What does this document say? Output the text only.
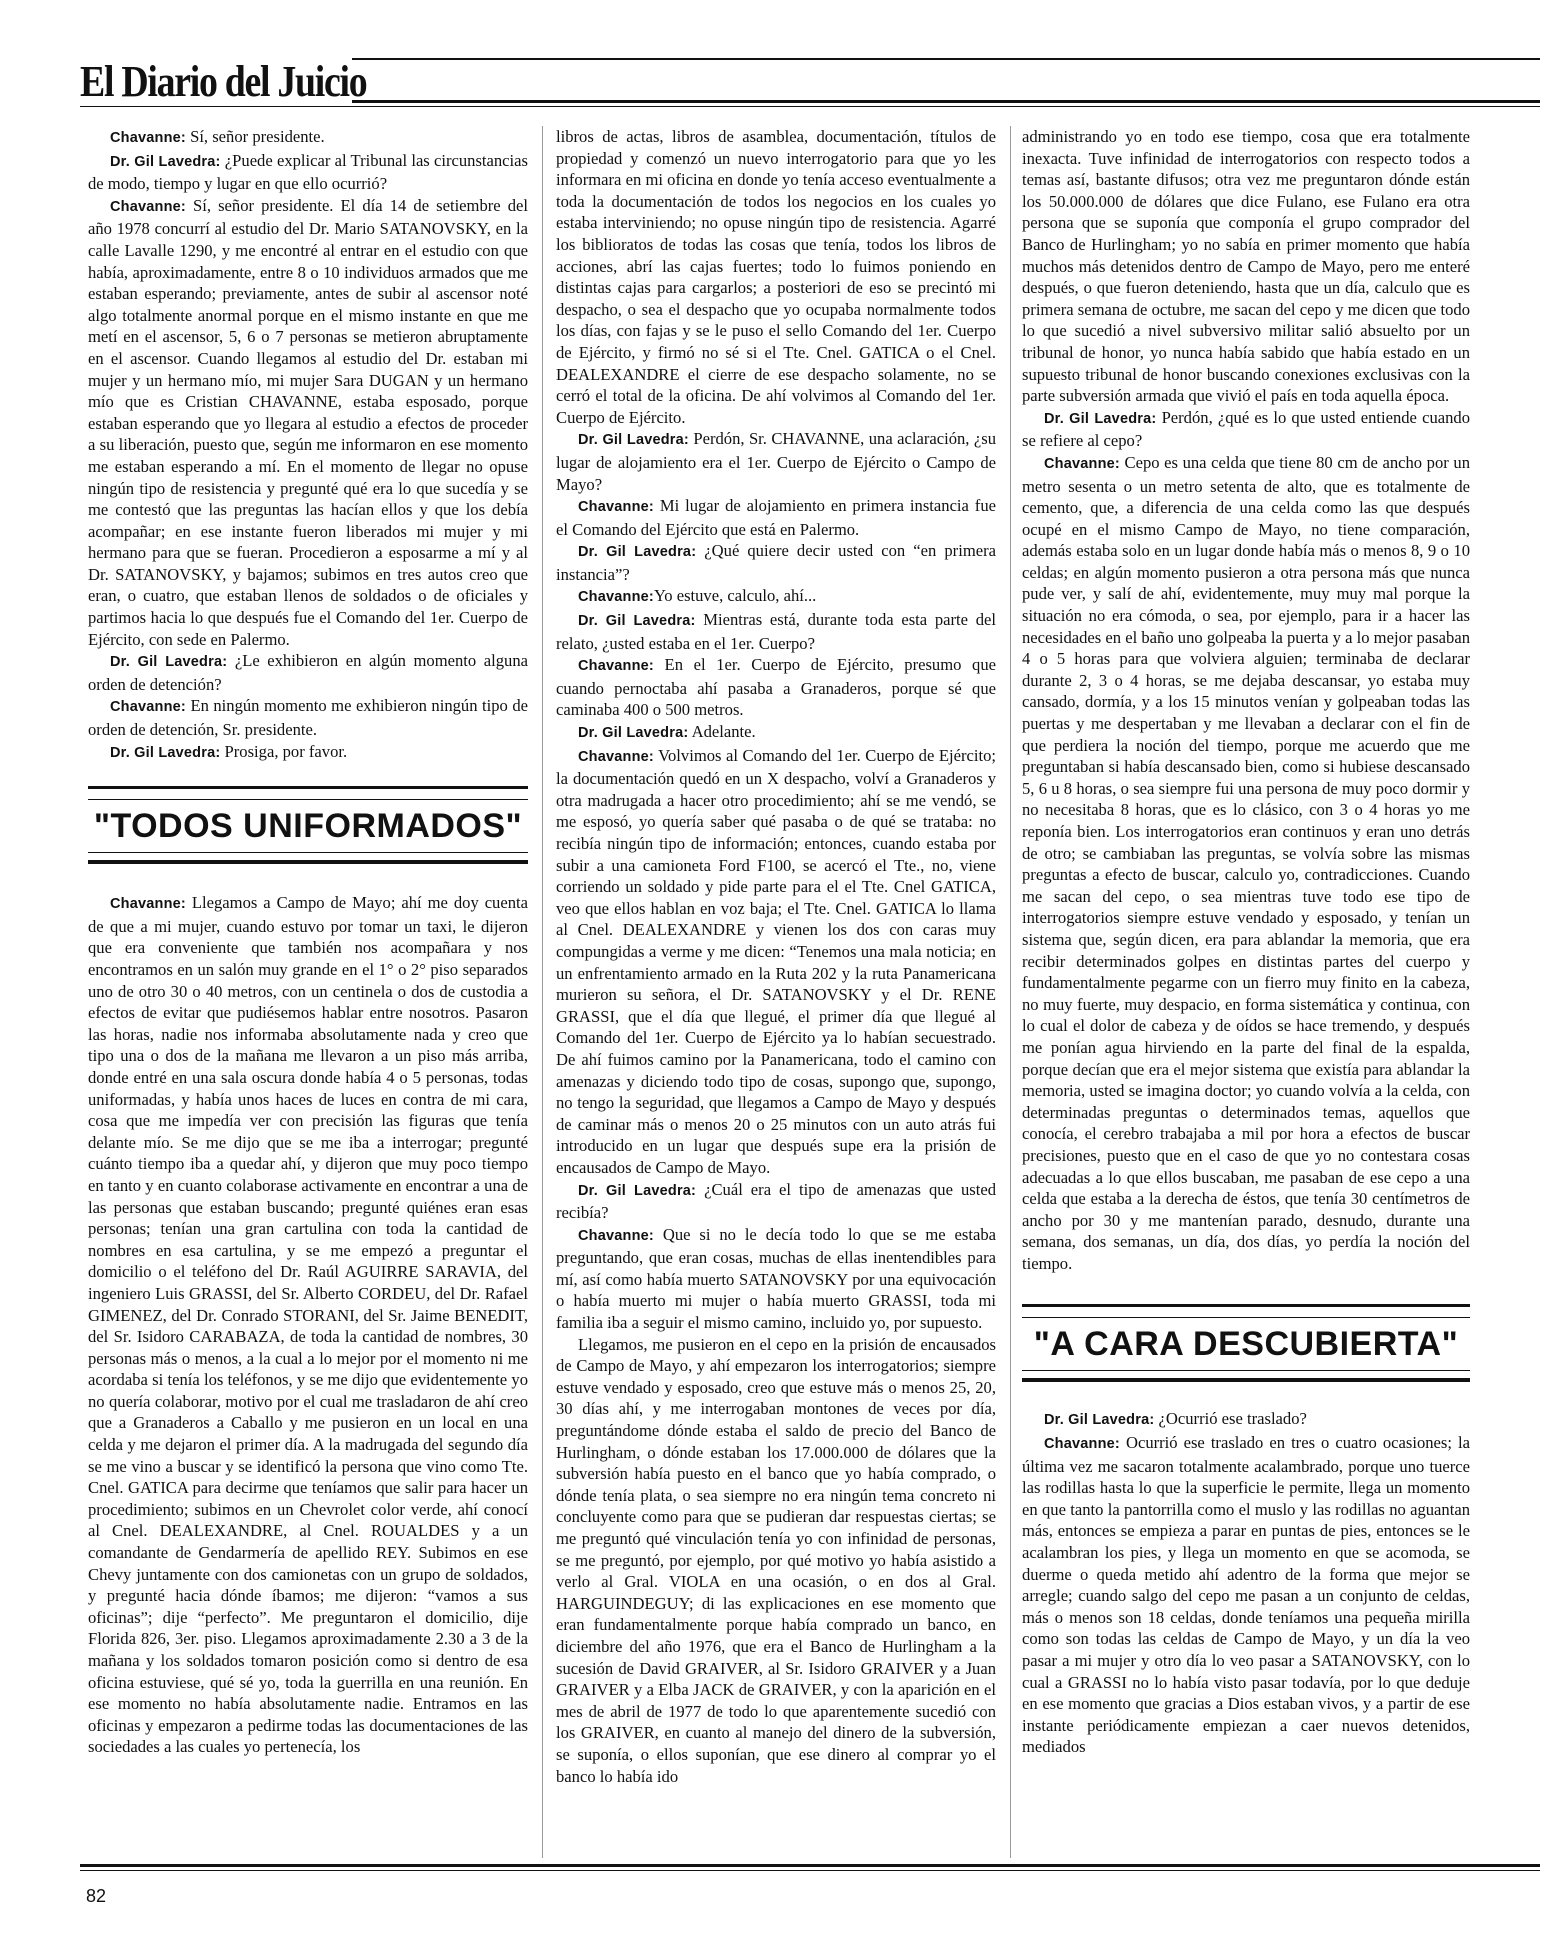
El Diario del Juicio

Chavanne: Sí, señor presidente.

Dr. Gil Lavedra: ¿Puede explicar al Tribunal las circunstancias de modo, tiempo y lugar en que ello ocurrió?

Chavanne: Sí, señor presidente. El día 14 de setiembre del año 1978 concurrí al estudio del Dr. Mario SATANOVSKY, en la calle Lavalle 1290, y me encontré al entrar en el estudio con que había, aproximadamente, entre 8 o 10 individuos armados que me estaban esperando; previamente, antes de subir al ascensor noté algo totalmente anormal porque en el mismo instante en que me metí en el ascensor, 5, 6 o 7 personas se metieron abruptamente en el ascensor. Cuando llegamos al estudio del Dr. estaban mi mujer y un hermano mío, mi mujer Sara DUGAN y un hermano mío que es Cristian CHAVANNE, estaba esposado, porque estaban esperando que yo llegara al estudio a efectos de proceder a su liberación, puesto que, según me informaron en ese momento me estaban esperando a mí. En el momento de llegar no opuse ningún tipo de resistencia y pregunté qué era lo que sucedía y se me contestó que las preguntas las hacían ellos y que los debía acompañar; en ese instante fueron liberados mi mujer y mi hermano para que se fueran. Procedieron a esposarme a mí y al Dr. SATANOVSKY, y bajamos; subimos en tres autos creo que eran, o cuatro, que estaban llenos de soldados o de oficiales y partimos hacia lo que después fue el Comando del 1er. Cuerpo de Ejército, con sede en Palermo.

Dr. Gil Lavedra: ¿Le exhibieron en algún momento alguna orden de detención?

Chavanne: En ningún momento me exhibieron ningún tipo de orden de detención, Sr. presidente.

Dr. Gil Lavedra: Prosiga, por favor.

"TODOS UNIFORMADOS"

Chavanne: Llegamos a Campo de Mayo; ahí me doy cuenta de que a mi mujer, cuando estuvo por tomar un taxi, le dijeron que era conveniente que también nos acompañara y nos encontramos en un salón muy grande en el 1° o 2° piso separados uno de otro 30 o 40 metros, con un centinela o dos de custodia a efectos de evitar que pudiésemos hablar entre nosotros. Pasaron las horas, nadie nos informaba absolutamente nada y creo que tipo una o dos de la mañana me llevaron a un piso más arriba, donde entré en una sala oscura donde había 4 o 5 personas, todas uniformadas, y había unos haces de luces en contra de mi cara, cosa que me impedía ver con precisión las figuras que tenía delante mío. Se me dijo que se me iba a interrogar; pregunté cuánto tiempo iba a quedar ahí, y dijeron que muy poco tiempo en tanto y en cuanto colaborase activamente en encontrar a una de las personas que estaban buscando; pregunté quiénes eran esas personas; tenían una gran cartulina con toda la cantidad de nombres en esa cartulina, y se me empezó a preguntar el domicilio o el teléfono del Dr. Raúl AGUIRRE SARAVIA, del ingeniero Luis GRASSI, del Sr. Alberto CORDEU, del Dr. Rafael GIMENEZ, del Dr. Conrado STORANI, del Sr. Jaime BENEDIT, del Sr. Isidoro CARABAZA, de toda la cantidad de nombres, 30 personas más o menos, a la cual a lo mejor por el momento ni me acordaba si tenía los teléfonos, y se me dijo que evidentemente yo no quería colaborar, motivo por el cual me trasladaron de ahí creo que a Granaderos a Caballo y me pusieron en un local en una celda y me dejaron el primer día. A la madrugada del segundo día se me vino a buscar y se identificó la persona que vino como Tte. Cnel. GATICA para decirme que teníamos que salir para hacer un procedimiento; subimos en un Chevrolet color verde, ahí conocí al Cnel. DEALEXANDRE, al Cnel. ROUALDES y a un comandante de Gendarmería de apellido REY. Subimos en ese Chevy juntamente con dos camionetas con un grupo de soldados, y pregunté hacia dónde íbamos; me dijeron: “vamos a sus oficinas”; dije “perfecto”. Me preguntaron el domicilio, dije Florida 826, 3er. piso. Llegamos aproximadamente 2.30 a 3 de la mañana y los soldados tomaron posición como si dentro de esa oficina estuviese, qué sé yo, toda la guerrilla en una reunión. En ese momento no había absolutamente nadie. Entramos en las oficinas y empezaron a pedirme todas las documentaciones de las sociedades a las cuales yo pertenecía, los

libros de actas, libros de asamblea, documentación, títulos de propiedad y comenzó un nuevo interrogatorio para que yo les informara en mi oficina en donde yo tenía acceso eventualmente a toda la documentación de todos los negocios en los cuales yo estaba interviniendo; no opuse ningún tipo de resistencia. Agarré los biblioratos de todas las cosas que tenía, todos los libros de acciones, abrí las cajas fuertes; todo lo fuimos poniendo en distintas cajas para cargarlos; a posteriori de eso se precintó mi despacho, o sea el despacho que yo ocupaba normalmente todos los días, con fajas y se le puso el sello Comando del 1er. Cuerpo de Ejército, y firmó no sé si el Tte. Cnel. GATICA o el Cnel. DEALEXANDRE el cierre de ese despacho solamente, no se cerró el total de la oficina. De ahí volvimos al Comando del 1er. Cuerpo de Ejército.

Dr. Gil Lavedra: Perdón, Sr. CHAVANNE, una aclaración, ¿su lugar de alojamiento era el 1er. Cuerpo de Ejército o Campo de Mayo?

Chavanne: Mi lugar de alojamiento en primera instancia fue el Comando del Ejército que está en Palermo.

Dr. Gil Lavedra: ¿Qué quiere decir usted con “en primera instancia”?

Chavanne:Yo estuve, calculo, ahí...

Dr. Gil Lavedra: Mientras está, durante toda esta parte del relato, ¿usted estaba en el 1er. Cuerpo?

Chavanne: En el 1er. Cuerpo de Ejército, presumo que cuando pernoctaba ahí pasaba a Granaderos, porque sé que caminaba 400 o 500 metros.

Dr. Gil Lavedra: Adelante.

Chavanne: Volvimos al Comando del 1er. Cuerpo de Ejército; la documentación quedó en un X despacho, volví a Granaderos y otra madrugada a hacer otro procedimiento; ahí se me vendó, se me esposó, yo quería saber qué pasaba o de qué se trataba: no recibía ningún tipo de información; entonces, cuando estaba por subir a una camioneta Ford F100, se acercó el Tte., no, viene corriendo un soldado y pide parte para el el Tte. Cnel GATICA, veo que ellos hablan en voz baja; el Tte. Cnel. GATICA lo llama al Cnel. DEALEXANDRE y vienen los dos con caras muy compungidas a verme y me dicen: “Tenemos una mala noticia; en un enfrentamiento armado en la Ruta 202 y la ruta Panamericana murieron su señora, el Dr. SATANOVSKY y el Dr. RENE GRASSI, que el día que llegué, el primer día que llegué al Comando del 1er. Cuerpo de Ejército ya lo habían secuestrado. De ahí fuimos camino por la Panamericana, todo el camino con amenazas y diciendo todo tipo de cosas, supongo que, supongo, no tengo la seguridad, que llegamos a Campo de Mayo y después de caminar más o menos 20 o 25 minutos con un auto atrás fui introducido en un lugar que después supe era la prisión de encausados de Campo de Mayo.

Dr. Gil Lavedra: ¿Cuál era el tipo de amenazas que usted recibía?

Chavanne: Que si no le decía todo lo que se me estaba preguntando, que eran cosas, muchas de ellas inentendibles para mí, así como había muerto SATANOVSKY por una equivocación o había muerto mi mujer o había muerto GRASSI, toda mi familia iba a seguir el mismo camino, incluido yo, por supuesto.

Llegamos, me pusieron en el cepo en la prisión de encausados de Campo de Mayo, y ahí empezaron los interrogatorios; siempre estuve vendado y esposado, creo que estuve más o menos 25, 20, 30 días ahí, y me interrogaban montones de veces por día, preguntándome dónde estaba el saldo de precio del Banco de Hurlingham, o dónde estaban los 17.000.000 de dólares que la subversión había puesto en el banco que yo había comprado, o dónde tenía plata, o sea siempre no era ningún tema concreto ni concluyente como para que se pudieran dar respuestas ciertas; se me preguntó qué vinculación tenía yo con infinidad de personas, se me preguntó, por ejemplo, por qué motivo yo había asistido a verlo al Gral. VIOLA en una ocasión, o en dos al Gral. HARGUINDEGUY; di las explicaciones en ese momento que eran fundamentalmente porque había comprado un banco, en diciembre del año 1976, que era el Banco de Hurlingham a la sucesión de David GRAIVER, al Sr. Isidoro GRAIVER y a Juan GRAIVER y a Elba JACK de GRAIVER, y con la aparición en el mes de abril de 1977 de todo lo que aparentemente sucedió con los GRAIVER, en cuanto al manejo del dinero de la subversión, se suponía, o ellos suponían, que ese dinero al comprar yo el banco lo había ido

administrando yo en todo ese tiempo, cosa que era totalmente inexacta. Tuve infinidad de interrogatorios con respecto todos a temas así, bastante difusos; otra vez me preguntaron dónde están los 50.000.000 de dólares que dice Fulano, ese Fulano era otra persona que se suponía que componía el grupo comprador del Banco de Hurlingham; yo no sabía en primer momento que había muchos más detenidos dentro de Campo de Mayo, pero me enteré después, o que fueron deteniendo, hasta que un día, calculo que es primera semana de octubre, me sacan del cepo y me dicen que todo lo que sucedió a nivel subversivo militar salió absuelto por un tribunal de honor, yo nunca había sabido que había estado en un supuesto tribunal de honor buscando conexiones exclusivas con la parte subversión armada que vivió el país en toda aquella época.

Dr. Gil Lavedra: Perdón, ¿qué es lo que usted entiende cuando se refiere al cepo?

Chavanne: Cepo es una celda que tiene 80 cm de ancho por un metro sesenta o un metro setenta de alto, que es totalmente de cemento, que, a diferencia de una celda como las que después ocupé en el mismo Campo de Mayo, no tiene comparación, además estaba solo en un lugar donde había más o menos 8, 9 o 10 celdas; en algún momento pusieron a otra persona más que nunca pude ver, y salí de ahí, evidentemente, muy muy mal porque la situación no era cómoda, o sea, por ejemplo, para ir a hacer las necesidades en el baño uno golpeaba la puerta y a lo mejor pasaban 4 o 5 horas para que volviera alguien; terminaba de declarar durante 2, 3 o 4 horas, se me dejaba descansar, yo estaba muy cansado, dormía, y a los 15 minutos venían y golpeaban todas las puertas y me despertaban y me llevaban a declarar con el fin de que perdiera la noción del tiempo, porque me acuerdo que me preguntaban si había descansado bien, como si hubiese descansado 5, 6 u 8 horas, o sea siempre fui una persona de muy poco dormir y no necesitaba 8 horas, que es lo clásico, con 3 o 4 horas yo me reponía bien. Los interrogatorios eran continuos y eran uno detrás de otro; se cambiaban las preguntas, se volvía sobre las mismas preguntas a efecto de buscar, calculo yo, contradicciones. Cuando me sacan del cepo, o sea mientras tuve todo ese tipo de interrogatorios siempre estuve vendado y esposado, y tenían un sistema que, según dicen, era para ablandar la memoria, que era recibir determinados golpes en distintas partes del cuerpo y fundamentalmente pegarme con un fierro muy finito en la cabeza, no muy fuerte, muy despacio, en forma sistemática y continua, con lo cual el dolor de cabeza y de oídos se hace tremendo, y después me ponían agua hirviendo en la parte del final de la espalda, porque decían que era el mejor sistema que existía para ablandar la memoria, usted se imagina doctor; yo cuando volvía a la celda, con determinadas preguntas o determinados temas, aquellos que conocía, el cerebro trabajaba a mil por hora a efectos de buscar precisiones, puesto que en el caso de que yo no contestara cosas adecuadas a lo que ellos buscaban, me pasaban de ese cepo a una celda que estaba a la derecha de éstos, que tenía 30 centímetros de ancho por 30 y me mantenían parado, desnudo, durante una semana, dos semanas, un día, dos días, yo perdía la noción del tiempo.

"A CARA DESCUBIERTA"

Dr. Gil Lavedra: ¿Ocurrió ese traslado?

Chavanne: Ocurrió ese traslado en tres o cuatro ocasiones; la última vez me sacaron totalmente acalambrado, porque uno tuerce las rodillas hasta lo que la superficie le permite, llega un momento en que tanto la pantorrilla como el muslo y las rodillas no aguantan más, entonces se empieza a parar en puntas de pies, entonces se le acalambran los pies, y llega un momento en que se acomoda, se duerme o queda metido ahí adentro de la forma que mejor se arregle; cuando salgo del cepo me pasan a un conjunto de celdas, más o menos son 18 celdas, donde teníamos una pequeña mirilla como son todas las celdas de Campo de Mayo, y un día la veo pasar a mi mujer y otro día lo veo pasar a SATANOVSKY, con lo cual a GRASSI no lo había visto pasar todavía, por lo que deduje en ese momento que gracias a Dios estaban vivos, y a partir de ese instante periódicamente empiezan a caer nuevos detenidos, mediados

82
